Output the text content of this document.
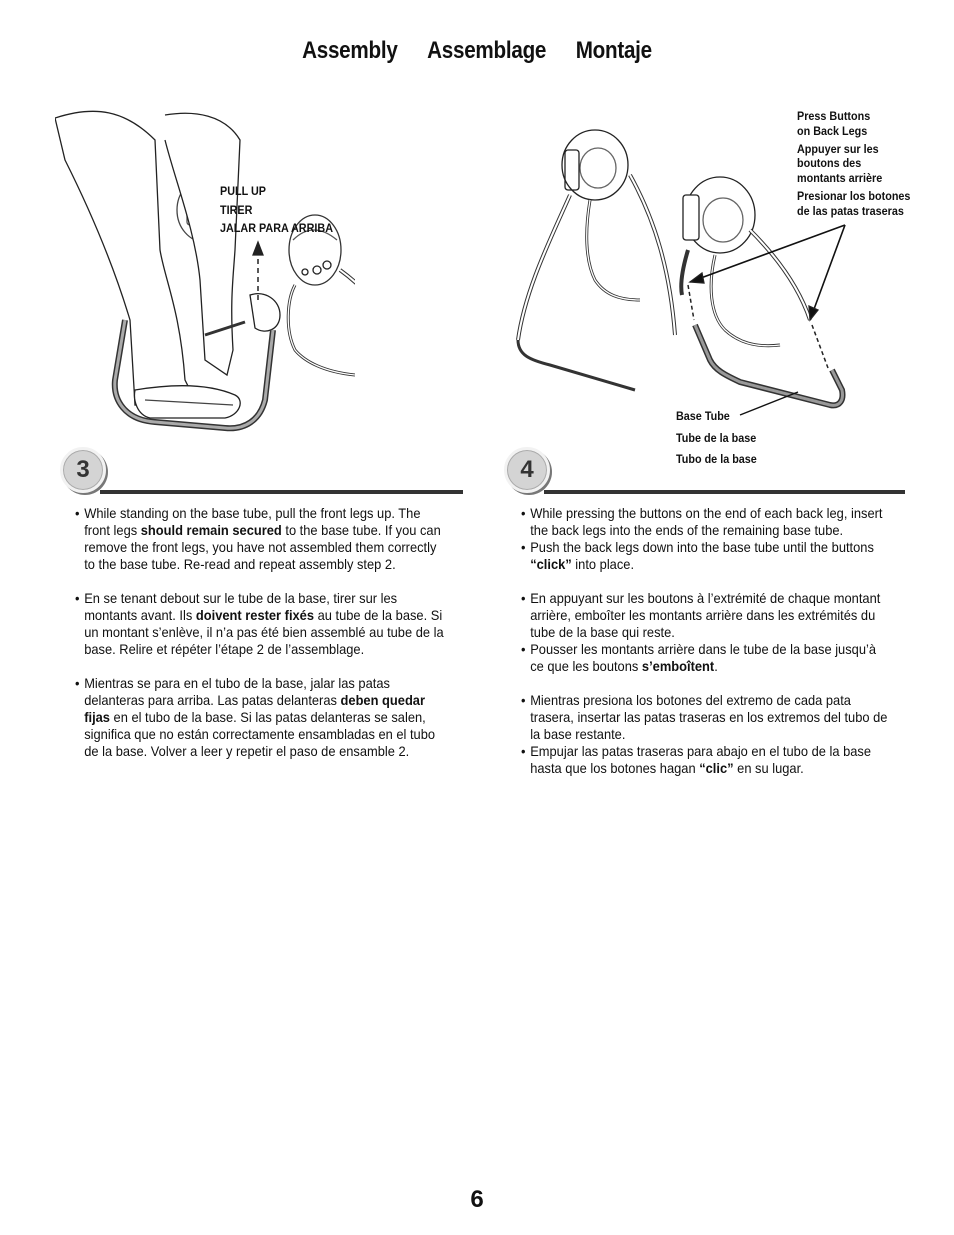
Assembly Assemblage Montaje
PULL UP
TIRER
JALAR PARA ARRIBA
Press Buttons
on Back Legs
Appuyer sur les
boutons des
montants arrière
Presionar los botones
de las patas traseras
Base Tube
Tube de la base
Tubo de la base
3	4
• While standing on the base tube, pull the front legs up. The front legs should remain secured to the base tube. If you can remove the front legs, you have not assembled them correctly to the base tube. Re-read and repeat assembly step 2.
• En se tenant debout sur le tube de la base, tirer sur les montants avant. Ils doivent rester fixés au tube de la base. Si un montant s’enlève, il n’a pas été bien assemblé au tube de la base. Relire et répéter l’étape 2 de l’assemblage.
• Mientras se para en el tubo de la base, jalar las patas delanteras para arriba. Las patas delanteras deben quedar fijas en el tubo de la base. Si las patas delanteras se salen, significa que no están correctamente ensambladas en el tubo de la base. Volver a leer y repetir el paso de ensamble 2.
• While pressing the buttons on the end of each back leg, insert the back legs into the ends of the remaining base tube.
• Push the back legs down into the base tube until the buttons “click” into place.
• En appuyant sur les boutons à l’extrémité de chaque montant arrière, emboîter les montants arrière dans les extrémités du tube de la base qui reste.
• Pousser les montants arrière dans le tube de la base jusqu’à ce que les boutons s’emboîtent.
• Mientras presiona los botones del extremo de cada pata trasera, insertar las patas traseras en los extremos del tubo de la base restante.
• Empujar las patas traseras para abajo en el tubo de la base hasta que los botones hagan “clic” en su lugar.
6
